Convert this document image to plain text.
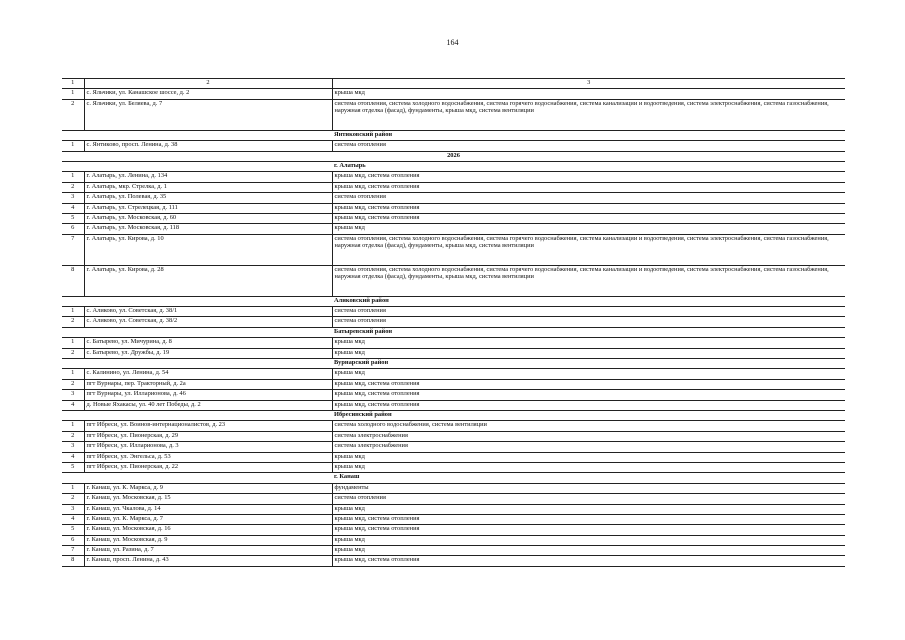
164
1	2	3
1	с. Яльчики, ул. Канашское шоссе, д. 2	крыша мкд
2	с. Яльчики, ул. Беляева, д. 7	система отопления, система холодного водоснабжения, система горячего водоснабжения, система канализации и водоотведения, система электроснабжения, система газоснабжения, наружная отделка (фасад), фундаменты, крыша мкд, система вентиляции
		Янтиковский район
1	с. Янтиково, просп. Ленина, д. 38	система отопления
2026		
		г. Алатырь
1	г. Алатырь, ул. Ленина, д. 134	крыша мкд, система отопления
2	г. Алатырь, мкр. Стрелка, д. 1	крыша мкд, система отопления
3	г. Алатырь, ул. Полевая, д. 35	система отопления
4	г. Алатырь, ул. Стрелецкая, д. 111	крыша мкд, система отопления
5	г. Алатырь, ул. Московская, д. 60	крыша мкд, система отопления
6	г. Алатырь, ул. Московская, д. 118	крыша мкд
7	г. Алатырь, ул. Кирова, д. 10	система отопления, система холодного водоснабжения, система горячего водоснабжения, система канализации и водоотведения, система электроснабжения, система газоснабжения, наружная отделка (фасад), фундаменты, крыша мкд, система вентиляции
8	г. Алатырь, ул. Кирова, д. 28	система отопления, система холодного водоснабжения, система горячего водоснабжения, система канализации и водоотведения, система электроснабжения, система газоснабжения, наружная отделка (фасад), фундаменты, крыша мкд, система вентиляции
		Аликовский район
1	с. Аликово, ул. Советская, д. 38/1	система отопления
2	с. Аликово, ул. Советская, д. 38/2	система отопления
		Батыревский район
1	с. Батырево, ул. Мичурина, д. 8	крыша мкд
2	с. Батырево, ул. Дружбы, д. 19	крыша мкд
		Вурнарский район
1	с. Калинино, ул. Ленина, д. 54	крыша мкд
2	пгт Вурнары, пер. Тракторный, д. 2а	крыша мкд, система отопления
3	пгт Вурнары, ул. Илларионова, д. 46	крыша мкд, система отопления
4	д. Новые Яхакасы, ул. 40 лет Победы, д. 2	крыша мкд, система отопления
		Ибресинский район
1	пгт Ибреси, ул. Воинов-интернационалистов, д. 23	система холодного водоснабжения, система вентиляции
2	пгт Ибреси, ул. Пионерская, д. 29	система электроснабжения
3	пгт Ибреси, ул. Илларионова, д. 3	система электроснабжения
4	пгт Ибреси, ул. Энгельса, д. 53	крыша мкд
5	пгт Ибреси, ул. Пионерская, д. 22	крыша мкд
		г. Канаш
1	г. Канаш, ул. К. Маркса, д. 9	фундаменты
2	г. Канаш, ул. Московская, д. 15	система отопления
3	г. Канаш, ул. Чкалова, д. 14	крыша мкд
4	г. Канаш, ул. К. Маркса, д. 7	крыша мкд, система отопления
5	г. Канаш, ул. Московская, д. 16	крыша мкд, система отопления
6	г. Канаш, ул. Московская, д. 9	крыша мкд
7	г. Канаш, ул. Разина, д. 7	крыша мкд
8	г. Канаш, просп. Ленина, д. 43	крыша мкд, система отопления
